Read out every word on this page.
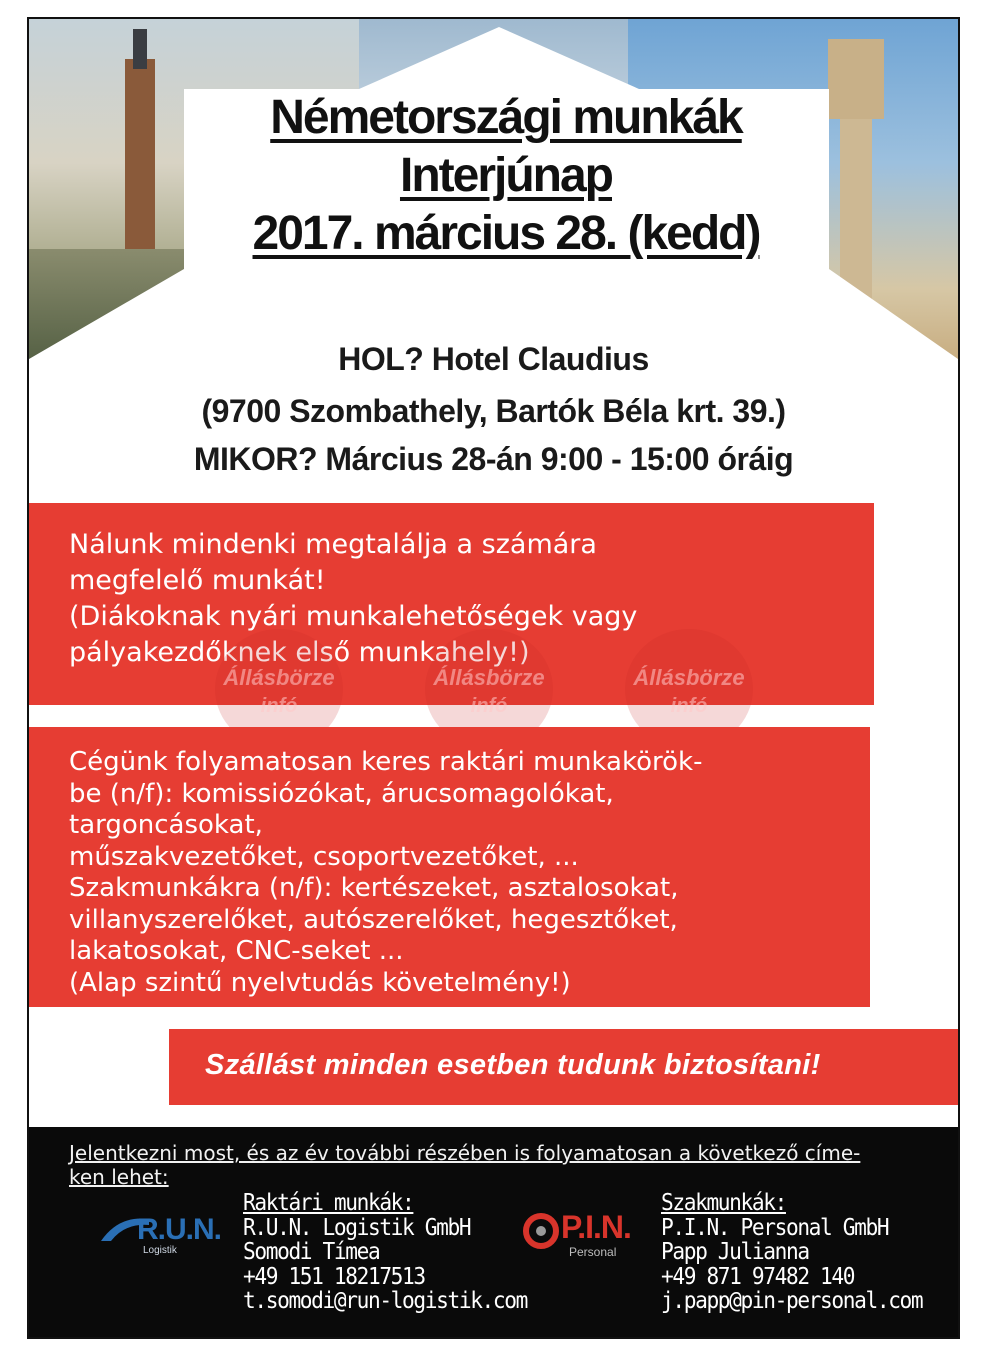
Németországi munkák
Interjúnap
2017. március 28. (kedd)
HOL? Hotel Claudius
(9700 Szombathely, Bartók Béla krt. 39.)
MIKOR? Március 28-án 9:00 - 15:00 óráig

Nálunk mindenki megtalálja a számára

megfelelő munkát!

(Diákoknak nyári munkalehetőségek vagy

pályakezdőknek első munkahely!)

Állásbörze
infó
Állásbörze
infó
Állásbörze
infó

Cégünk folyamatosan keres raktári munkakörök-

be (n/f): komissiózókat, árucsomagolókat,

targoncásokat,

műszakvezetőket, csoportvezetőket, ...

Szakmunkákra (n/f): kertészeket, asztalosokat,

villanyszerelőket, autószerelőket, hegesztőket,

lakatosokat, CNC-seket ...

(Alap szintű nyelvtudás követelmény!)

Szállást minden esetben tudunk biztosítani!
Jelentkezni most, és az év további részében is folyamatosan a következő címe-
ken lehet:
R.U.N.
Logistik
P.I.N.
Personal
Raktári munkák:
R.U.N. Logistik GmbH
Somodi Tímea
+49 151 18217513
t.somodi@run-logistik.com
Szakmunkák:
P.I.N. Personal GmbH
Papp Julianna
+49 871 97482 140
j.papp@pin-personal.com
